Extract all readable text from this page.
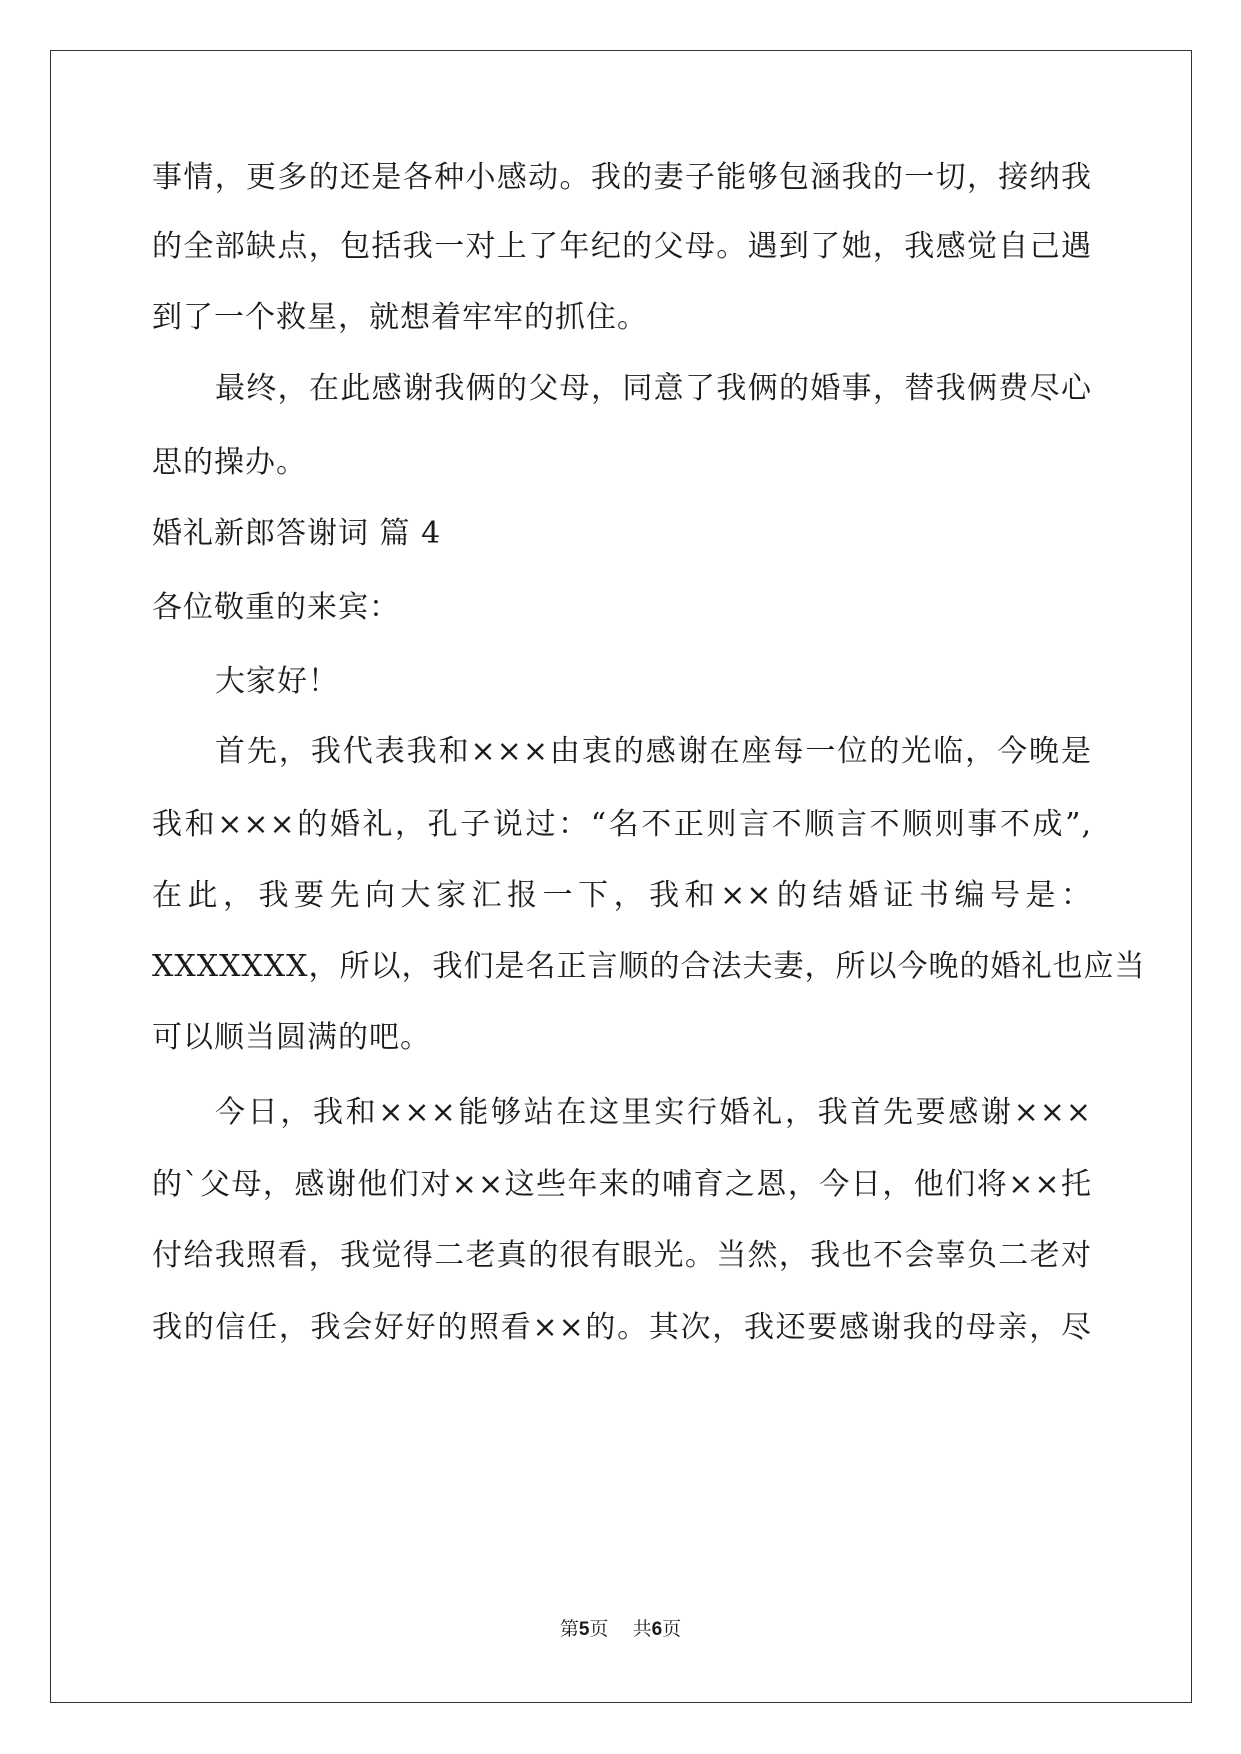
事情，更多的还是各种小感动。我的妻子能够包涵我的一切，接纳我
的全部缺点，包括我一对上了年纪的父母。遇到了她，我感觉自己遇
到了一个救星，就想着牢牢的抓住。
最终，在此感谢我俩的父母，同意了我俩的婚事，替我俩费尽心
思的操办。
婚礼新郎答谢词 篇 4
各位敬重的来宾：
大家好！
首先，我代表我和×××由衷的感谢在座每一位的光临，今晚是
我和×××的婚礼，孔子说过：“名不正则言不顺言不顺则事不成”,
在此，我要先向大家汇报一下，我和××的结婚证书编号是：
XXXXXXX，所以，我们是名正言顺的合法夫妻，所以今晚的婚礼也应当
可以顺当圆满的吧。
今日，我和×××能够站在这里实行婚礼，我首先要感谢×××
的`父母，感谢他们对××这些年来的哺育之恩，今日，他们将××托
付给我照看，我觉得二老真的很有眼光。当然，我也不会辜负二老对
我的信任，我会好好的照看××的。其次，我还要感谢我的母亲，尽
第5页    共6页
